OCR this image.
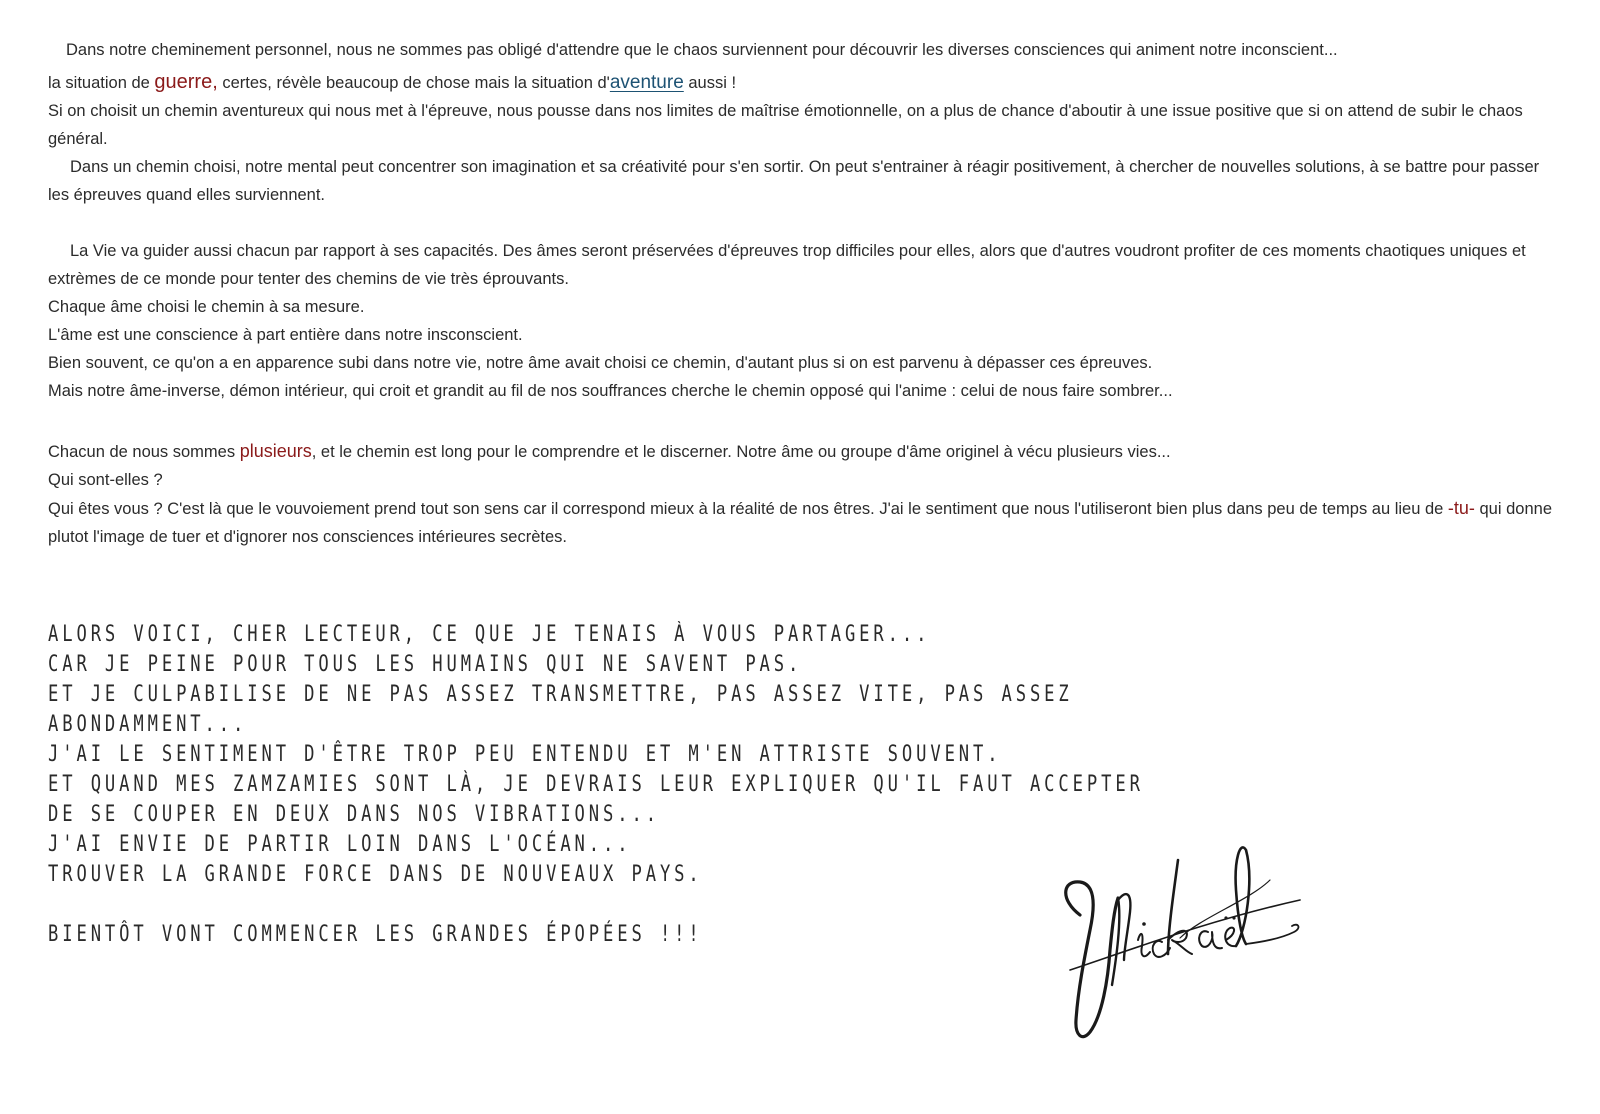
Dans notre cheminement personnel, nous ne sommes pas obligé d'attendre que le chaos surviennent pour découvrir les diverses consciences qui animent notre inconscient...

la situation de guerre, certes, révèle beaucoup de chose mais la situation d'aventure aussi !

Si on choisit un chemin aventureux qui nous met à l'épreuve, nous pousse dans nos limites de maîtrise émotionnelle, on a plus de chance d'aboutir à une issue positive que si on attend de subir le chaos général.

Dans un chemin choisi, notre mental peut concentrer son imagination et sa créativité pour s'en sortir. On peut s'entrainer à réagir positivement, à chercher de nouvelles solutions, à se battre pour passer les épreuves quand elles surviennent.

La Vie va guider aussi chacun par rapport à ses capacités. Des âmes seront préservées d'épreuves trop difficiles pour elles, alors que d'autres voudront profiter de ces moments chaotiques uniques et extrèmes de ce monde pour tenter des chemins de vie très éprouvants.

Chaque âme choisi le chemin à sa mesure.

L'âme est une conscience à part entière dans notre insconscient.

Bien souvent, ce qu'on a en apparence subi dans notre vie, notre âme avait choisi ce chemin, d'autant plus si on est parvenu à dépasser ces épreuves.

Mais notre âme-inverse, démon intérieur, qui croit et grandit au fil de nos souffrances cherche le chemin opposé qui l'anime : celui de nous faire sombrer...

Chacun de nous sommes plusieurs, et le chemin est long pour le comprendre et le discerner. Notre âme ou groupe d'âme originel à vécu plusieurs vies...

Qui sont-elles ?

Qui êtes vous ? C'est là que le vouvoiement prend tout son sens car il correspond mieux à la réalité de nos êtres. J'ai le sentiment que nous l'utiliseront bien plus dans peu de temps au lieu de -tu- qui donne plutot l'image de tuer et d'ignorer nos consciences intérieures secrètes.

ALORS VOICI, CHER LECTEUR, CE QUE JE TENAIS À VOUS PARTAGER...

CAR JE PEINE POUR TOUS LES HUMAINS QUI NE SAVENT PAS.

ET JE CULPABILISE DE NE PAS ASSEZ TRANSMETTRE, PAS ASSEZ VITE, PAS ASSEZ ABONDAMMENT...

J'AI LE SENTIMENT D'ÊTRE TROP PEU ENTENDU ET M'EN ATTRISTE SOUVENT.

ET QUAND MES ZAMZAMIES SONT LÀ, JE DEVRAIS LEUR EXPLIQUER QU'IL FAUT ACCEPTER DE SE COUPER EN DEUX DANS NOS VIBRATIONS...

J'AI ENVIE DE PARTIR LOIN DANS L'OCÉAN...

TROUVER LA GRANDE FORCE DANS DE NOUVEAUX PAYS.

BIENTÔT VONT COMMENCER LES GRANDES ÉPOPÉES !!!
